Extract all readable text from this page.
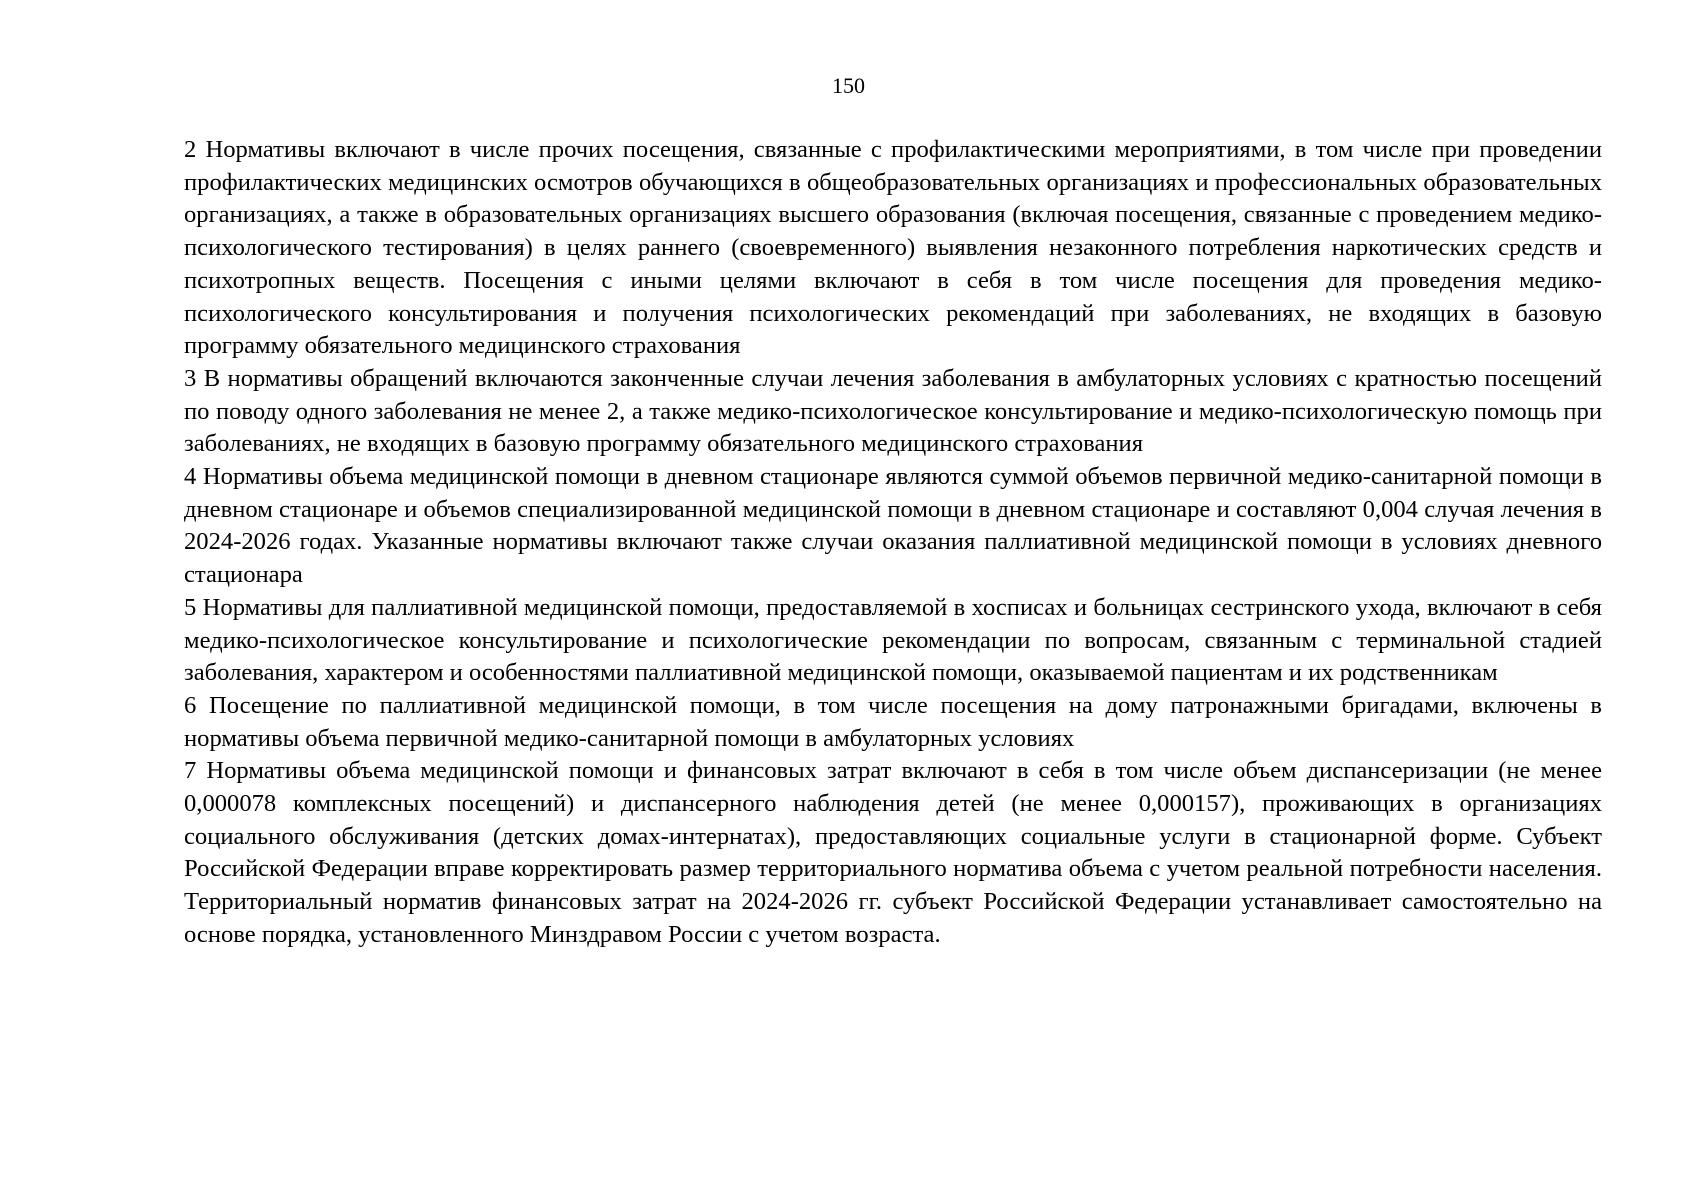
150

2 Нормативы включают в числе прочих посещения, связанные с профилактическими мероприятиями, в том числе при проведении профилактических медицинских осмотров обучающихся в общеобразовательных организациях и профессиональных образовательных организациях, а также в образовательных организациях высшего образования (включая посещения, связанные с проведением медико-психологического тестирования) в целях раннего (своевременного) выявления незаконного потребления наркотических средств и психотропных веществ. Посещения с иными целями включают в себя в том числе посещения для проведения медико-психологического консультирования и получения психологических рекомендаций при заболеваниях, не входящих в базовую программу обязательного медицинского страхования

3 В нормативы обращений включаются законченные случаи лечения заболевания в амбулаторных условиях с кратностью посещений по поводу одного заболевания не менее 2, а также медико-психологическое консультирование и медико-психологическую помощь при заболеваниях, не входящих в базовую программу обязательного медицинского страхования

4 Нормативы объема медицинской помощи в дневном стационаре являются суммой объемов первичной медико-санитарной помощи в дневном стационаре и объемов специализированной медицинской помощи в дневном стационаре и составляют 0,004 случая лечения в 2024-2026 годах. Указанные нормативы включают также случаи оказания паллиативной медицинской помощи в условиях дневного стационара

5 Нормативы для паллиативной медицинской помощи, предоставляемой в хосписах и больницах сестринского ухода, включают в себя медико-психологическое консультирование и психологические рекомендации по вопросам, связанным с терминальной стадией заболевания, характером и особенностями паллиативной медицинской помощи, оказываемой пациентам и их родственникам

6 Посещениe по паллиативной медицинской помощи, в том числе посещения на дому патронажными бригадами, включены в нормативы объема первичной медико-санитарной помощи в амбулаторных условиях

7 Нормативы объема медицинской помощи и финансовых затрат включают в себя в том числе объем диспансеризации (не менее 0,000078 комплексных посещений) и диспансерного наблюдения детей (не менее 0,000157), проживающих в организациях социального обслуживания (детских домах-интернатах), предоставляющих социальные услуги в стационарной форме. Субъект Российской Федерации вправе корректировать размер территориального норматива объема с учетом реальной потребности населения. Территориальный норматив финансовых затрат на 2024-2026 гг. субъект Российской Федерации устанавливает самостоятельно на основе порядка, установленного Минздравом России с учетом возраста.
